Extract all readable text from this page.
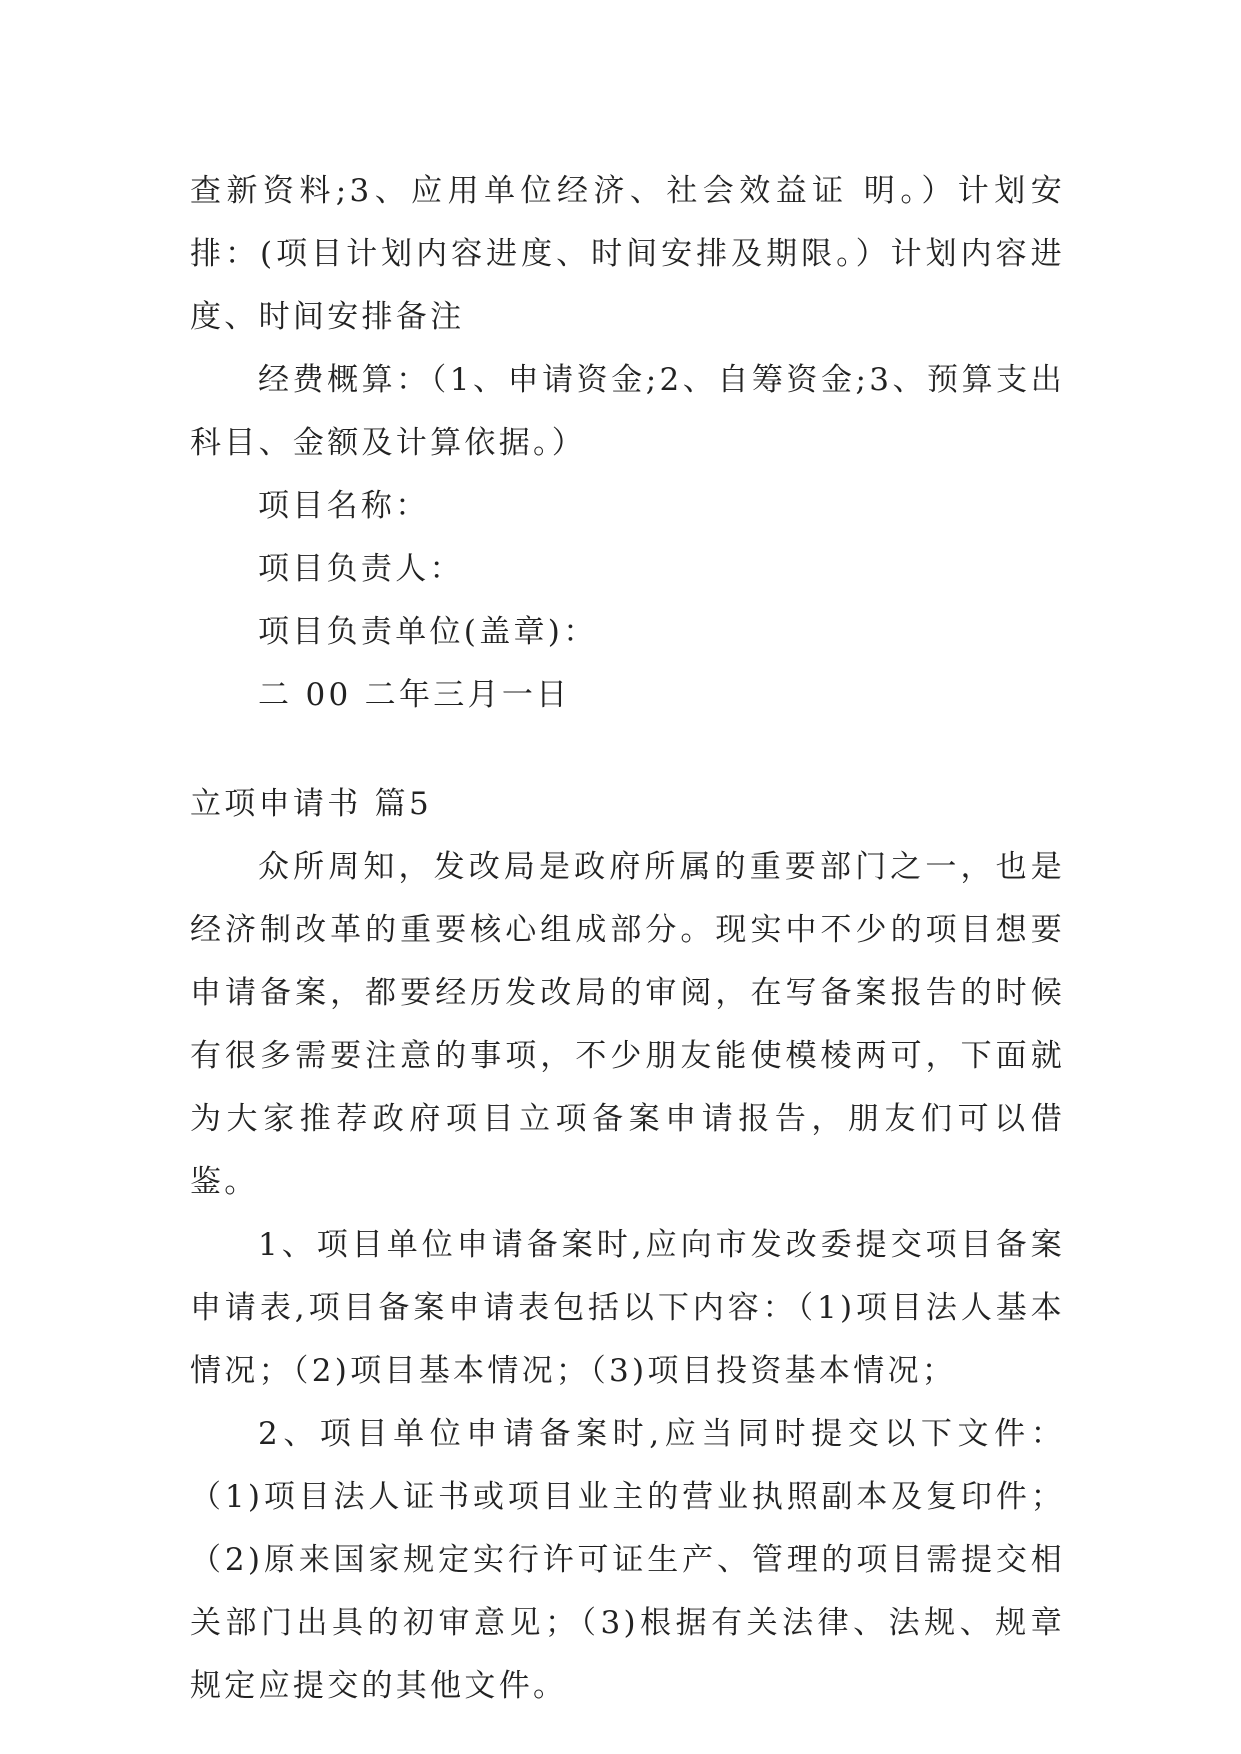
查新资料;3、应用单位经济、社会效益证 明。）计划安排：(项目计划内容进度、时间安排及期限。）计划内容进度、时间安排备注

经费概算：（1、申请资金;2、自筹资金;3、预算支出科目、金额及计算依据。）

项目名称：

项目负责人：

项目负责单位(盖章)：

二 00 二年三月一日

立项申请书 篇5

众所周知，发改局是政府所属的重要部门之一，也是经济制改革的重要核心组成部分。现实中不少的项目想要申请备案，都要经历发改局的审阅，在写备案报告的时候有很多需要注意的事项，不少朋友能使模棱两可，下面就为大家推荐政府项目立项备案申请报告，朋友们可以借鉴。

1、项目单位申请备案时,应向市发改委提交项目备案申请表,项目备案申请表包括以下内容：（1)项目法人基本情况；（2)项目基本情况；（3)项目投资基本情况；

2、项目单位申请备案时,应当同时提交以下文件：（1)项目法人证书或项目业主的营业执照副本及复印件；（2)原来国家规定实行许可证生产、管理的项目需提交相关部门出具的初审意见；（3)根据有关法律、法规、规章规定应提交的其他文件。
